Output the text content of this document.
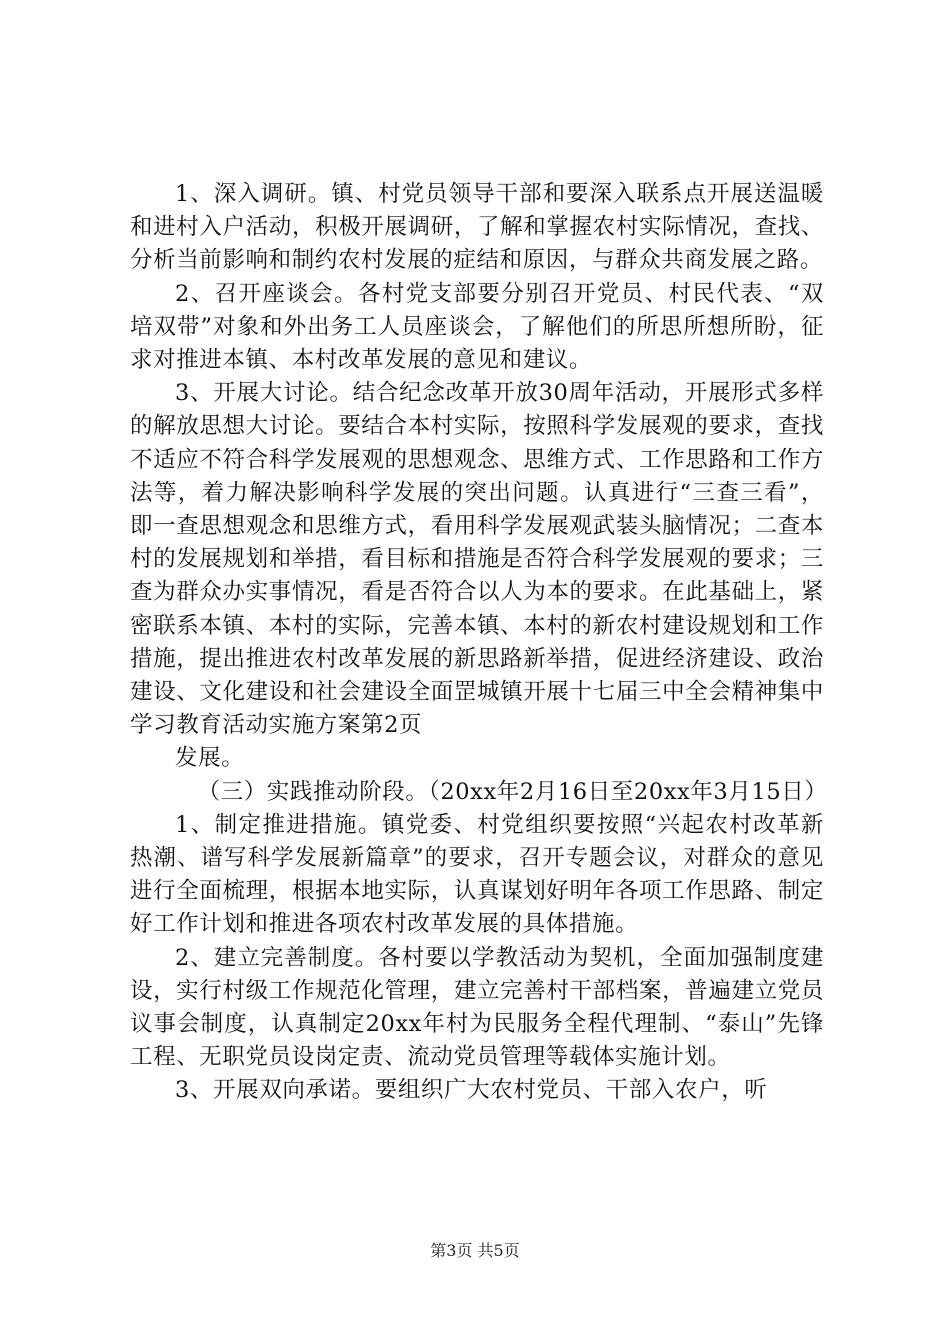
1、深入调研。镇、村党员领导干部和要深入联系点开展送温暖和进村入户活动，积极开展调研，了解和掌握农村实际情况，查找、分析当前影响和制约农村发展的症结和原因，与群众共商发展之路。

2、召开座谈会。各村党支部要分别召开党员、村民代表、“双培双带”对象和外出务工人员座谈会，了解他们的所思所想所盼，征求对推进本镇、本村改革发展的意见和建议。

3、开展大讨论。结合纪念改革开放30周年活动，开展形式多样的解放思想大讨论。要结合本村实际，按照科学发展观的要求，查找不适应不符合科学发展观的思想观念、思维方式、工作思路和工作方法等，着力解决影响科学发展的突出问题。认真进行“三查三看”，即一查思想观念和思维方式，看用科学发展观武装头脑情况；二查本村的发展规划和举措，看目标和措施是否符合科学发展观的要求；三查为群众办实事情况，看是否符合以人为本的要求。在此基础上，紧密联系本镇、本村的实际，完善本镇、本村的新农村建设规划和工作措施，提出推进农村改革发展的新思路新举措，促进经济建设、政治建设、文化建设和社会建设全面罡城镇开展十七届三中全会精神集中学习教育活动实施方案第2页

发展。

（三）实践推动阶段。（20xx年2月16日至20xx年3月15日）

1、制定推进措施。镇党委、村党组织要按照“兴起农村改革新热潮、谱写科学发展新篇章”的要求，召开专题会议，对群众的意见进行全面梳理，根据本地实际，认真谋划好明年各项工作思路、制定好工作计划和推进各项农村改革发展的具体措施。

2、建立完善制度。各村要以学教活动为契机，全面加强制度建设，实行村级工作规范化管理，建立完善村干部档案，普遍建立党员议事会制度，认真制定20xx年村为民服务全程代理制、“泰山”先锋工程、无职党员设岗定责、流动党员管理等载体实施计划。

3、开展双向承诺。要组织广大农村党员、干部入农户，听

第3页 共5页
